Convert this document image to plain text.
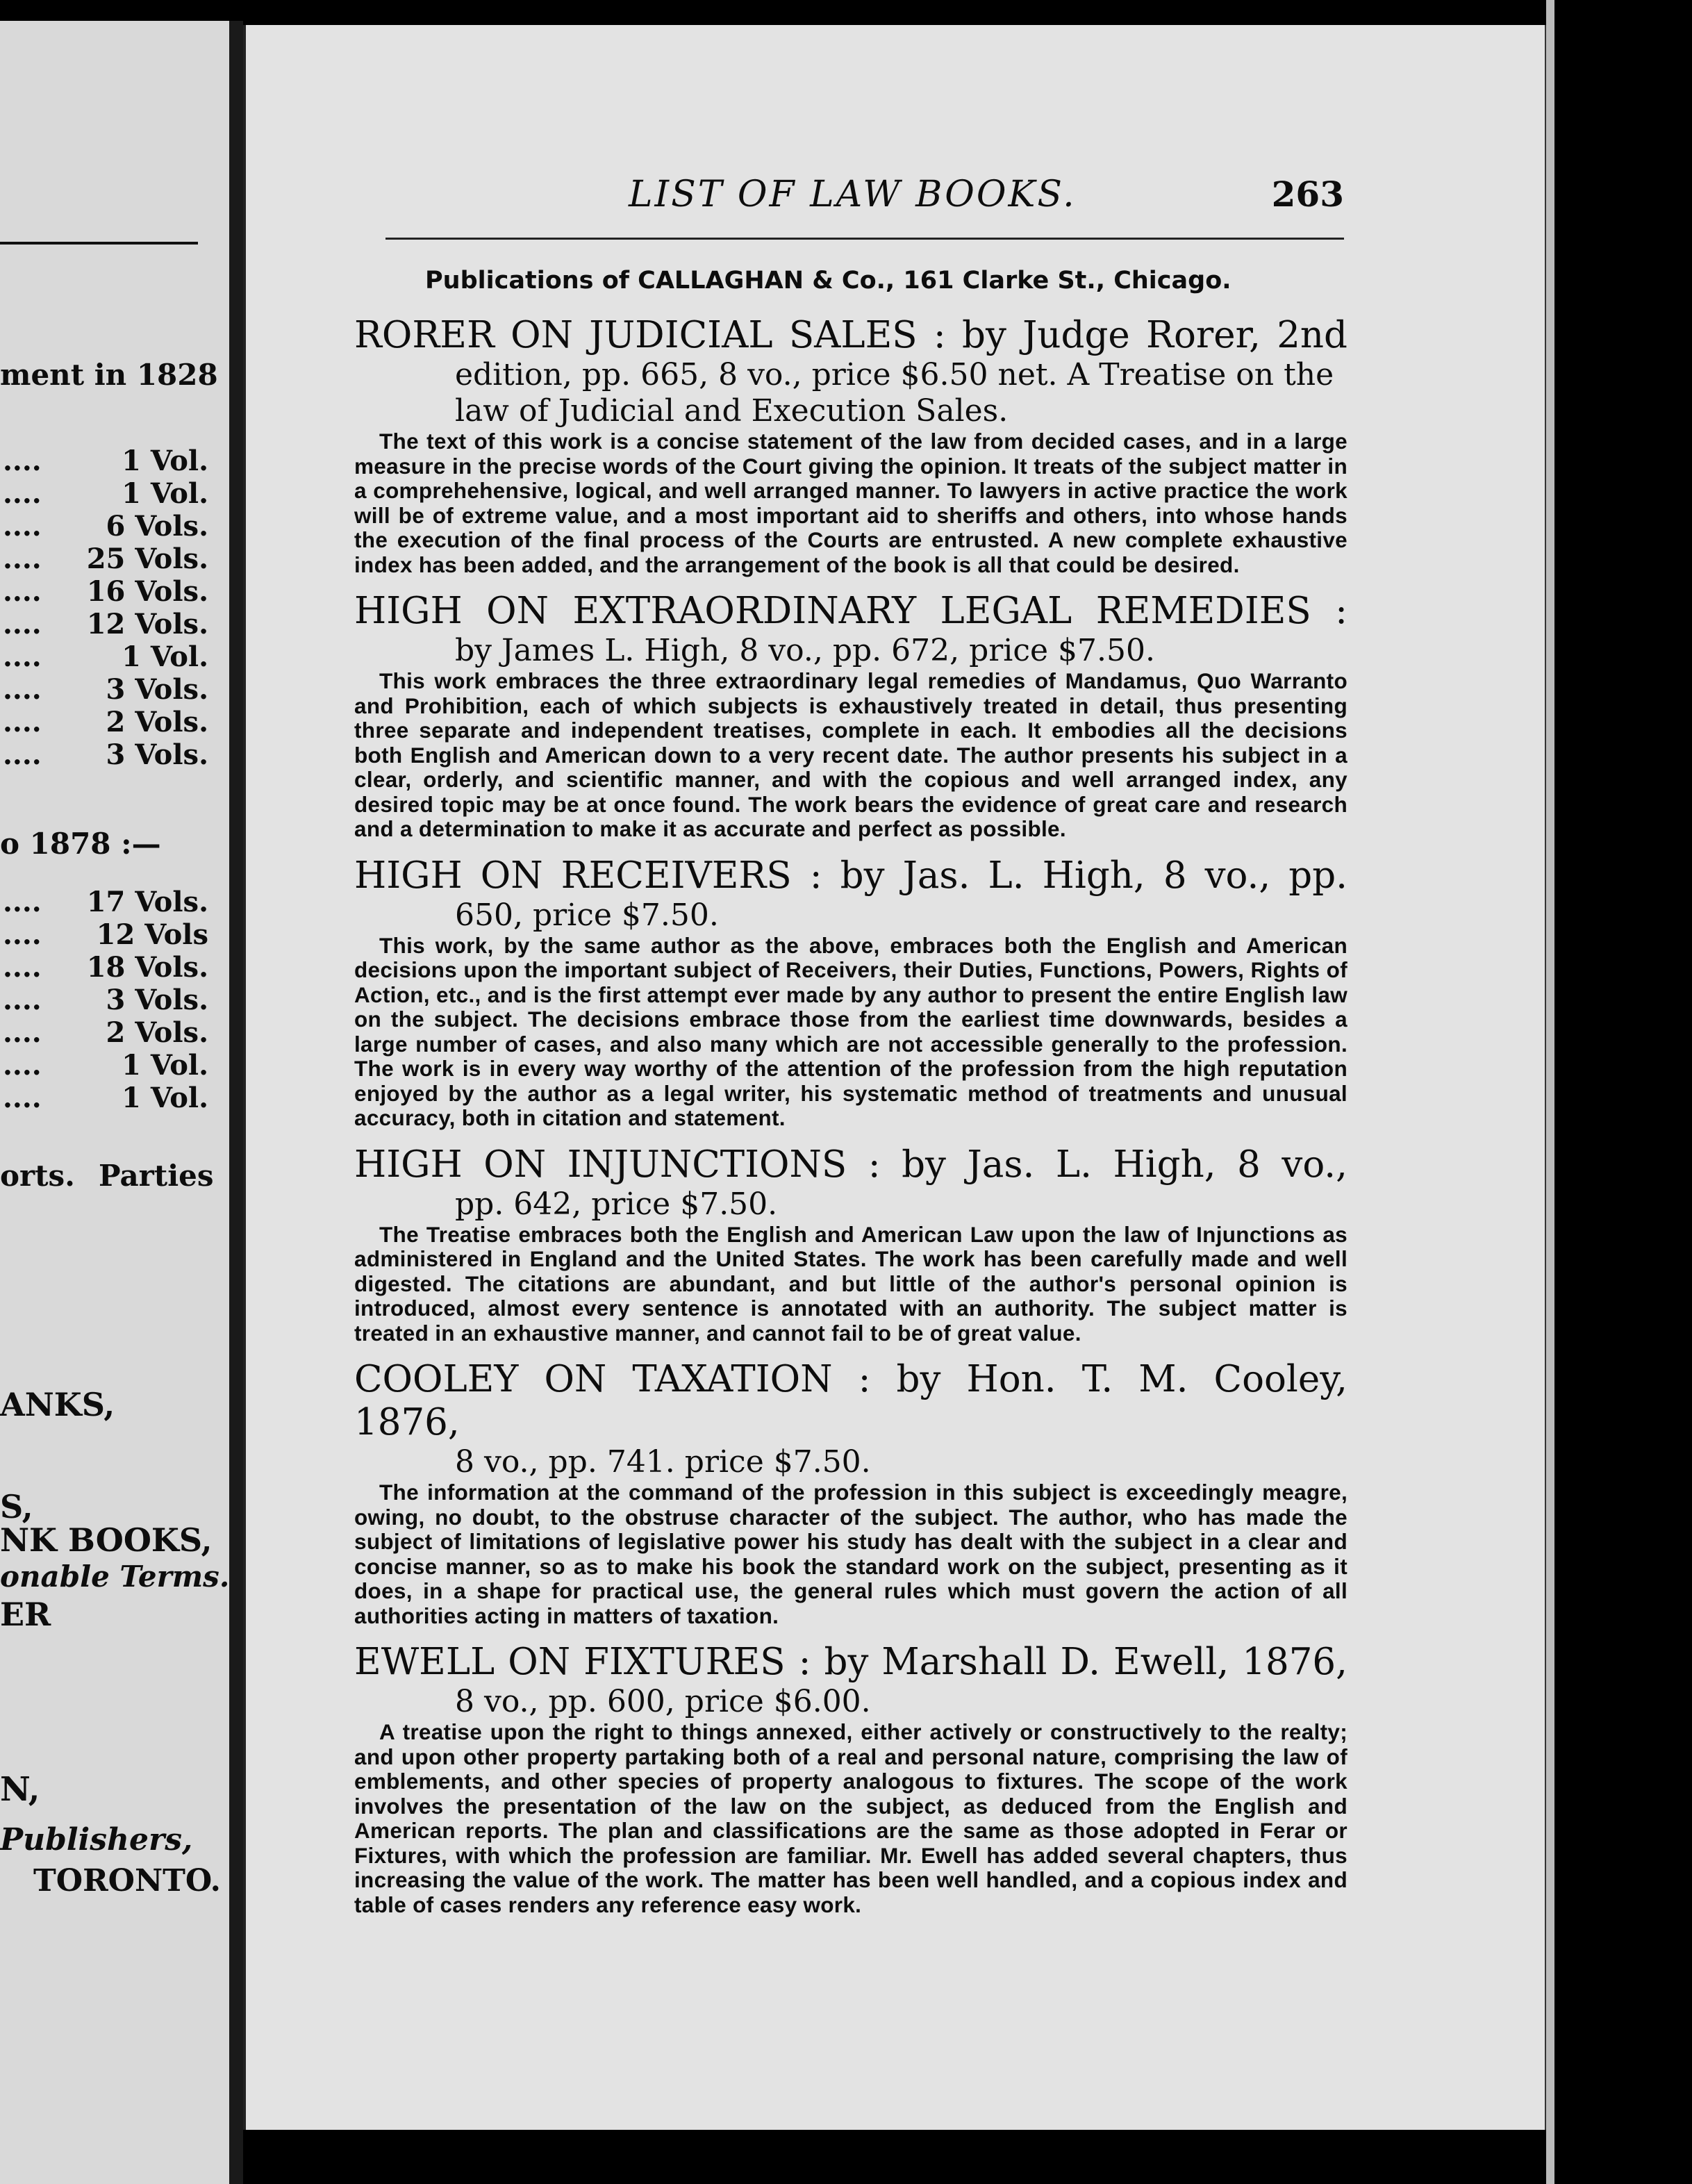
ment in 1828
....	1 Vol.
....	1 Vol.
.... 6 Vols.
.... 25 Vols.
.... 16 Vols.
.... 12 Vols.
....	1 Vol.
.... 3 Vols.
.... 2 Vols.
.... 3 Vols.
o 1878 :—
.... 17 Vols.
.... 12 Vols
.... 18 Vols.
.... 3 Vols.
.... 2 Vols.
....	1 Vol.
....	1 Vol.
orts. Parties
ANKS,
S,
NK BOOKS,
onable Terms.
ER
N,
Publishers,
TORONTO.
LIST OF LAW BOOKS.	263
Publications of CALLAGHAN & Co., 161 Clarke St., Chicago.
RORER ON JUDICIAL SALES : by Judge Rorer, 2nd
edition, pp. 665, 8 vo., price $6.50 net. A Treatise on the law of Judicial and Execution Sales.
The text of this work is a concise statement of the law from decided cases, and in a large measure in the precise words of the Court giving the opinion. It treats of the subject matter in a comprehehensive, logical, and well arranged manner. To lawyers in active practice the work will be of extreme value, and a most important aid to sheriffs and others, into whose hands the execution of the final process of the Courts are entrusted. A new complete exhaustive index has been added, and the arrangement of the book is all that could be desired.
HIGH ON EXTRAORDINARY LEGAL REMEDIES :
by James L. High, 8 vo., pp. 672, price $7.50.
This work embraces the three extraordinary legal remedies of Mandamus, Quo Warranto and Prohibition, each of which subjects is exhaustively treated in detail, thus presenting three separate and independent treatises, complete in each. It embodies all the decisions both English and American down to a very recent date. The author presents his subject in a clear, orderly, and scientific manner, and with the copious and well arranged index, any desired topic may be at once found. The work bears the evidence of great care and research and a determination to make it as accurate and perfect as possible.
HIGH ON RECEIVERS : by Jas. L. High, 8 vo., pp.
650, price $7.50.
This work, by the same author as the above, embraces both the English and American decisions upon the important subject of Receivers, their Duties, Functions, Powers, Rights of Action, etc., and is the first attempt ever made by any author to present the entire English law on the subject. The decisions embrace those from the earliest time downwards, besides a large number of cases, and also many which are not accessible generally to the profession. The work is in every way worthy of the attention of the profession from the high reputation enjoyed by the author as a legal writer, his systematic method of treatments and unusual accuracy, both in citation and statement.
HIGH ON INJUNCTIONS : by Jas. L. High, 8 vo.,
pp. 642, price $7.50.
The Treatise embraces both the English and American Law upon the law of Injunctions as administered in England and the United States. The work has been carefully made and well digested. The citations are abundant, and but little of the author's personal opinion is introduced, almost every sentence is annotated with an authority. The subject matter is treated in an exhaustive manner, and cannot fail to be of great value.
COOLEY ON TAXATION : by Hon. T. M. Cooley, 1876,
8 vo., pp. 741. price $7.50.
The information at the command of the profession in this subject is exceedingly meagre, owing, no doubt, to the obstruse character of the subject. The author, who has made the subject of limitations of legislative power his study has dealt with the subject in a clear and concise manner, so as to make his book the standard work on the subject, presenting as it does, in a shape for practical use, the general rules which must govern the action of all authorities acting in matters of taxation.
EWELL ON FIXTURES : by Marshall D. Ewell, 1876,
8 vo., pp. 600, price $6.00.
A treatise upon the right to things annexed, either actively or constructively to the realty; and upon other property partaking both of a real and personal nature, comprising the law of emblements, and other species of property analogous to fixtures. The scope of the work involves the presentation of the law on the subject, as deduced from the English and American reports. The plan and classifications are the same as those adopted in Ferar or Fixtures, with which the profession are familiar. Mr. Ewell has added several chapters, thus increasing the value of the work. The matter has been well handled, and a copious index and table of cases renders any reference easy work.
